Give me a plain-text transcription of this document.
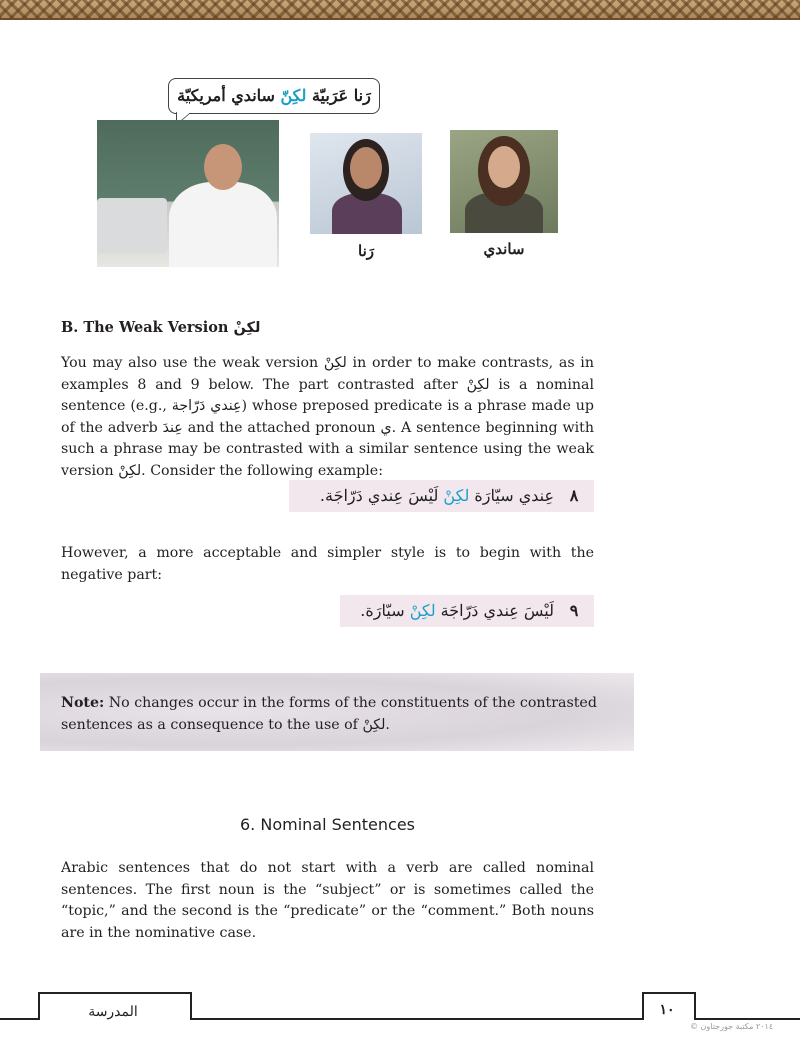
رَنا عَرَبيّة لكِنّ ساندي أمريكيّة
رَنا	ساندي
B. The Weak Version لكِنْ

You may also use the weak version لكِنْ in order to make contrasts, as in examples 8 and 9 below. The part contrasted after لكِنْ is a nominal sentence (e.g., عِندي دَرّاجة) whose preposed predicate is a phrase made up of the adverb عِندَ and the attached pronoun ي. A sentence beginning with such a phrase may be contrasted with a similar sentence using the weak version لكِنْ. Consider the following example:

٨عِندي سيّارَة لكِنْ لَيْسَ عِندي دَرّاجَة.

However, a more acceptable and simpler style is to begin with the negative part:

٩لَيْسَ عِندي دَرّاجَة لكِنْ سيّارَة.

Note: No changes occur in the forms of the constituents of the contrasted sentences as a consequence to the use of لكِنْ.

6. Nominal Sentences

Arabic sentences that do not start with a verb are called nominal sentences. The first noun is the “subject” or is sometimes called the “topic,” and the second is the “predicate” or the “comment.” Both nouns are in the nominative case.

المدرسة	١٠
© ٢٠١٤ مكتبة جورجتاون
